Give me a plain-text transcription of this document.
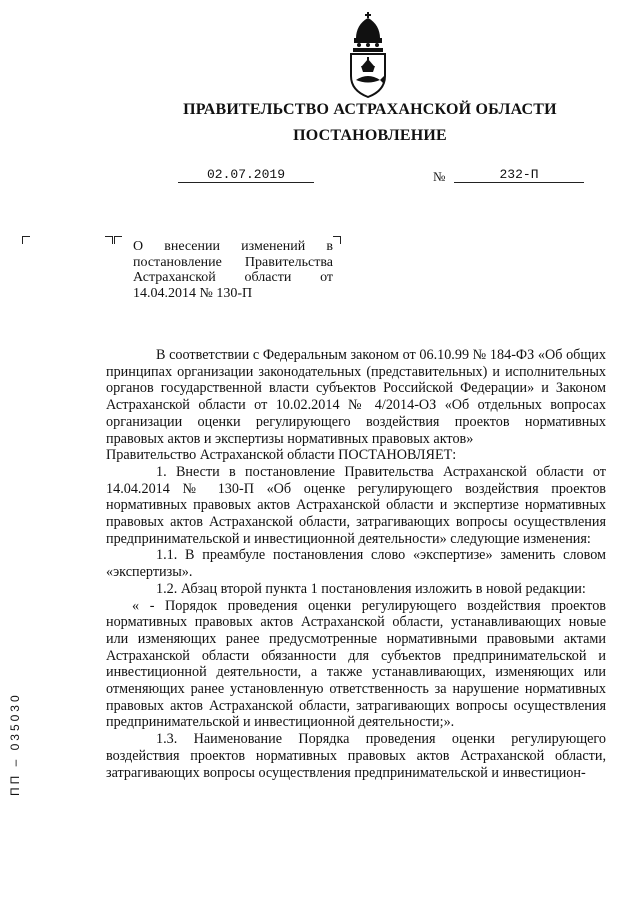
ПРАВИТЕЛЬСТВО АСТРАХАНСКОЙ ОБЛАСТИ
ПОСТАНОВЛЕНИЕ
02.07.2019	№	232-П
О внесении изменений в постановление Правительства Астраханской области от 14.04.2014 № 130-П

В соответствии с Федеральным законом от 06.10.99 № 184-ФЗ «Об общих принципах организации законодательных (представительных) и исполнительных органов государственной власти субъектов Российской Федерации» и Законом Астраханской области от 10.02.2014 № 4/2014-ОЗ «Об отдельных вопросах организации оценки регулирующего воздействия проектов нормативных правовых актов и экспертизы нормативных правовых актов»

Правительство Астраханской области ПОСТАНОВЛЯЕТ:

1. Внести в постановление Правительства Астраханской области от 14.04.2014 № 130-П «Об оценке регулирующего воздействия проектов нормативных правовых актов Астраханской области и экспертизе нормативных правовых актов Астраханской области, затрагивающих вопросы осуществления предпринимательской и инвестиционной деятельности» следующие изменения:

1.1. В преамбуле постановления слово «экспертизе» заменить словом «экспертизы».

1.2. Абзац второй пункта 1 постановления изложить в новой редакции:

« - Порядок проведения оценки регулирующего воздействия проектов нормативных правовых актов Астраханской области, устанавливающих новые или изменяющих ранее предусмотренные нормативными правовыми актами Астраханской области обязанности для субъектов предпринимательской и инвестиционной деятельности, а также устанавливающих, изменяющих или отменяющих ранее установленную ответственность за нарушение нормативных правовых актов Астраханской области, затрагивающих вопросы осуществления предпринимательской и инвестиционной деятельности;».

1.3. Наименование Порядка проведения оценки регулирующего воздействия проектов нормативных правовых актов Астраханской области, затрагивающих вопросы осуществления предпринимательской и инвестицион-

ПП – 035030
